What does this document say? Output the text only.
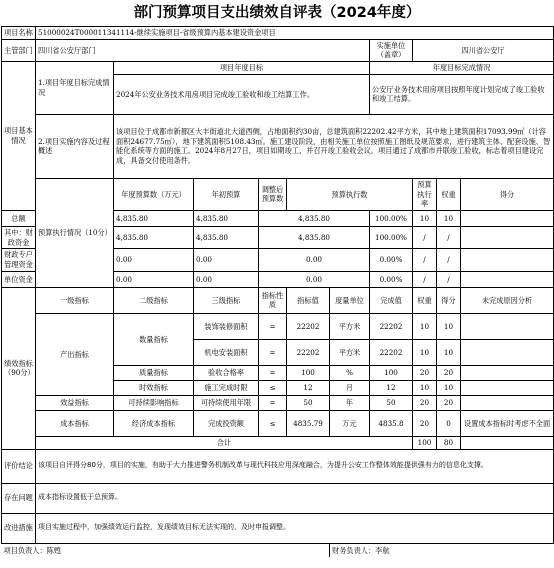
部门预算项目支出绩效自评表（2024年度）
项目名称	51000024T000011341114-继续实施项目-省级预算内基本建设资金项目										
主管部门	四川省公安厅部门						实施单位（盖章）	四川省公安厅			
项目基本情况	1.项目年度目标完成情况	项目年度目标					年度目标完成情况				
		2024年公安业务技术用房项目完成竣工验收和竣工结算工作。					公安厅业务技术用房项目按照年度计划完成了竣工验收和竣工结算。				
	2.项目实施内容及过程概述	该项目位于成都市新都区大丰街道北大道西侧，占地面积约30亩，总建筑面积22202.42平方米，其中地上建筑面积17093.99㎡（计容面积24677.75㎡），地下建筑面积5108.43㎡。施工建设阶段，由相关施工单位按照施工图纸及规范要求，进行建筑主体、配套设施、智能化系统等方面的施工。2024年8月27日，项目如期竣工，并召开竣工验收会议。项目通过了成都市并联竣工验收，标志着项目建设完成，具备交付使用条件。									
	预算执行情况（10分）	年度预算数（万元）	年初预算	调整后预算数	预算执行数			预算执行率	权重	得分	
总额		4,835.80	4,835.80	4,835.80			100.00%	10	10		
其中：财政资金		4,835.80	4,835.80	4,835.80			100.00%	/	/		
财政专户管理资金		0.00	0.00	0.00			0.00%	/	/		
单位资金		0.00	0.00	0.00			0.00%	/	/		
绩效指标（90分）	一级指标	二级指标	三级指标	指标性质	指标值	度量单位	完成值	权重	得分	未完成原因分析	
	产出指标	数量指标	装饰装修面积	=	22202	平方米	22202	10	10		
			机电安装面积	=	22202	平方米	22202	10	10		
		质量指标	验收合格率	=	100	%	100	20	20		
		时效指标	施工完成时限	≤	12	月	12	10	10		
	效益指标	可持续影响指标	可持续使用年限	=	50	年	50	20	20		
	成本指标	经济成本指标	完成投资额	≤	4835.79	万元	4835.8	20	0	设置成本指标时考虑不全面	
	合计							100	80		
评价结论	该项目自评得分80分，项目的实施，有助于大力推进警务机制改革与现代科技应用深度融合，为提升公安工作整体效能提供强有力的信息化支撑。										
存在问题	成本指标设置低于总预算。										
改进措施	项目实施过程中，加强绩效运行监控，发现绩效目标无法实现的，及时申报调整。										
项目负责人：陈甦						财务负责人：李航					
